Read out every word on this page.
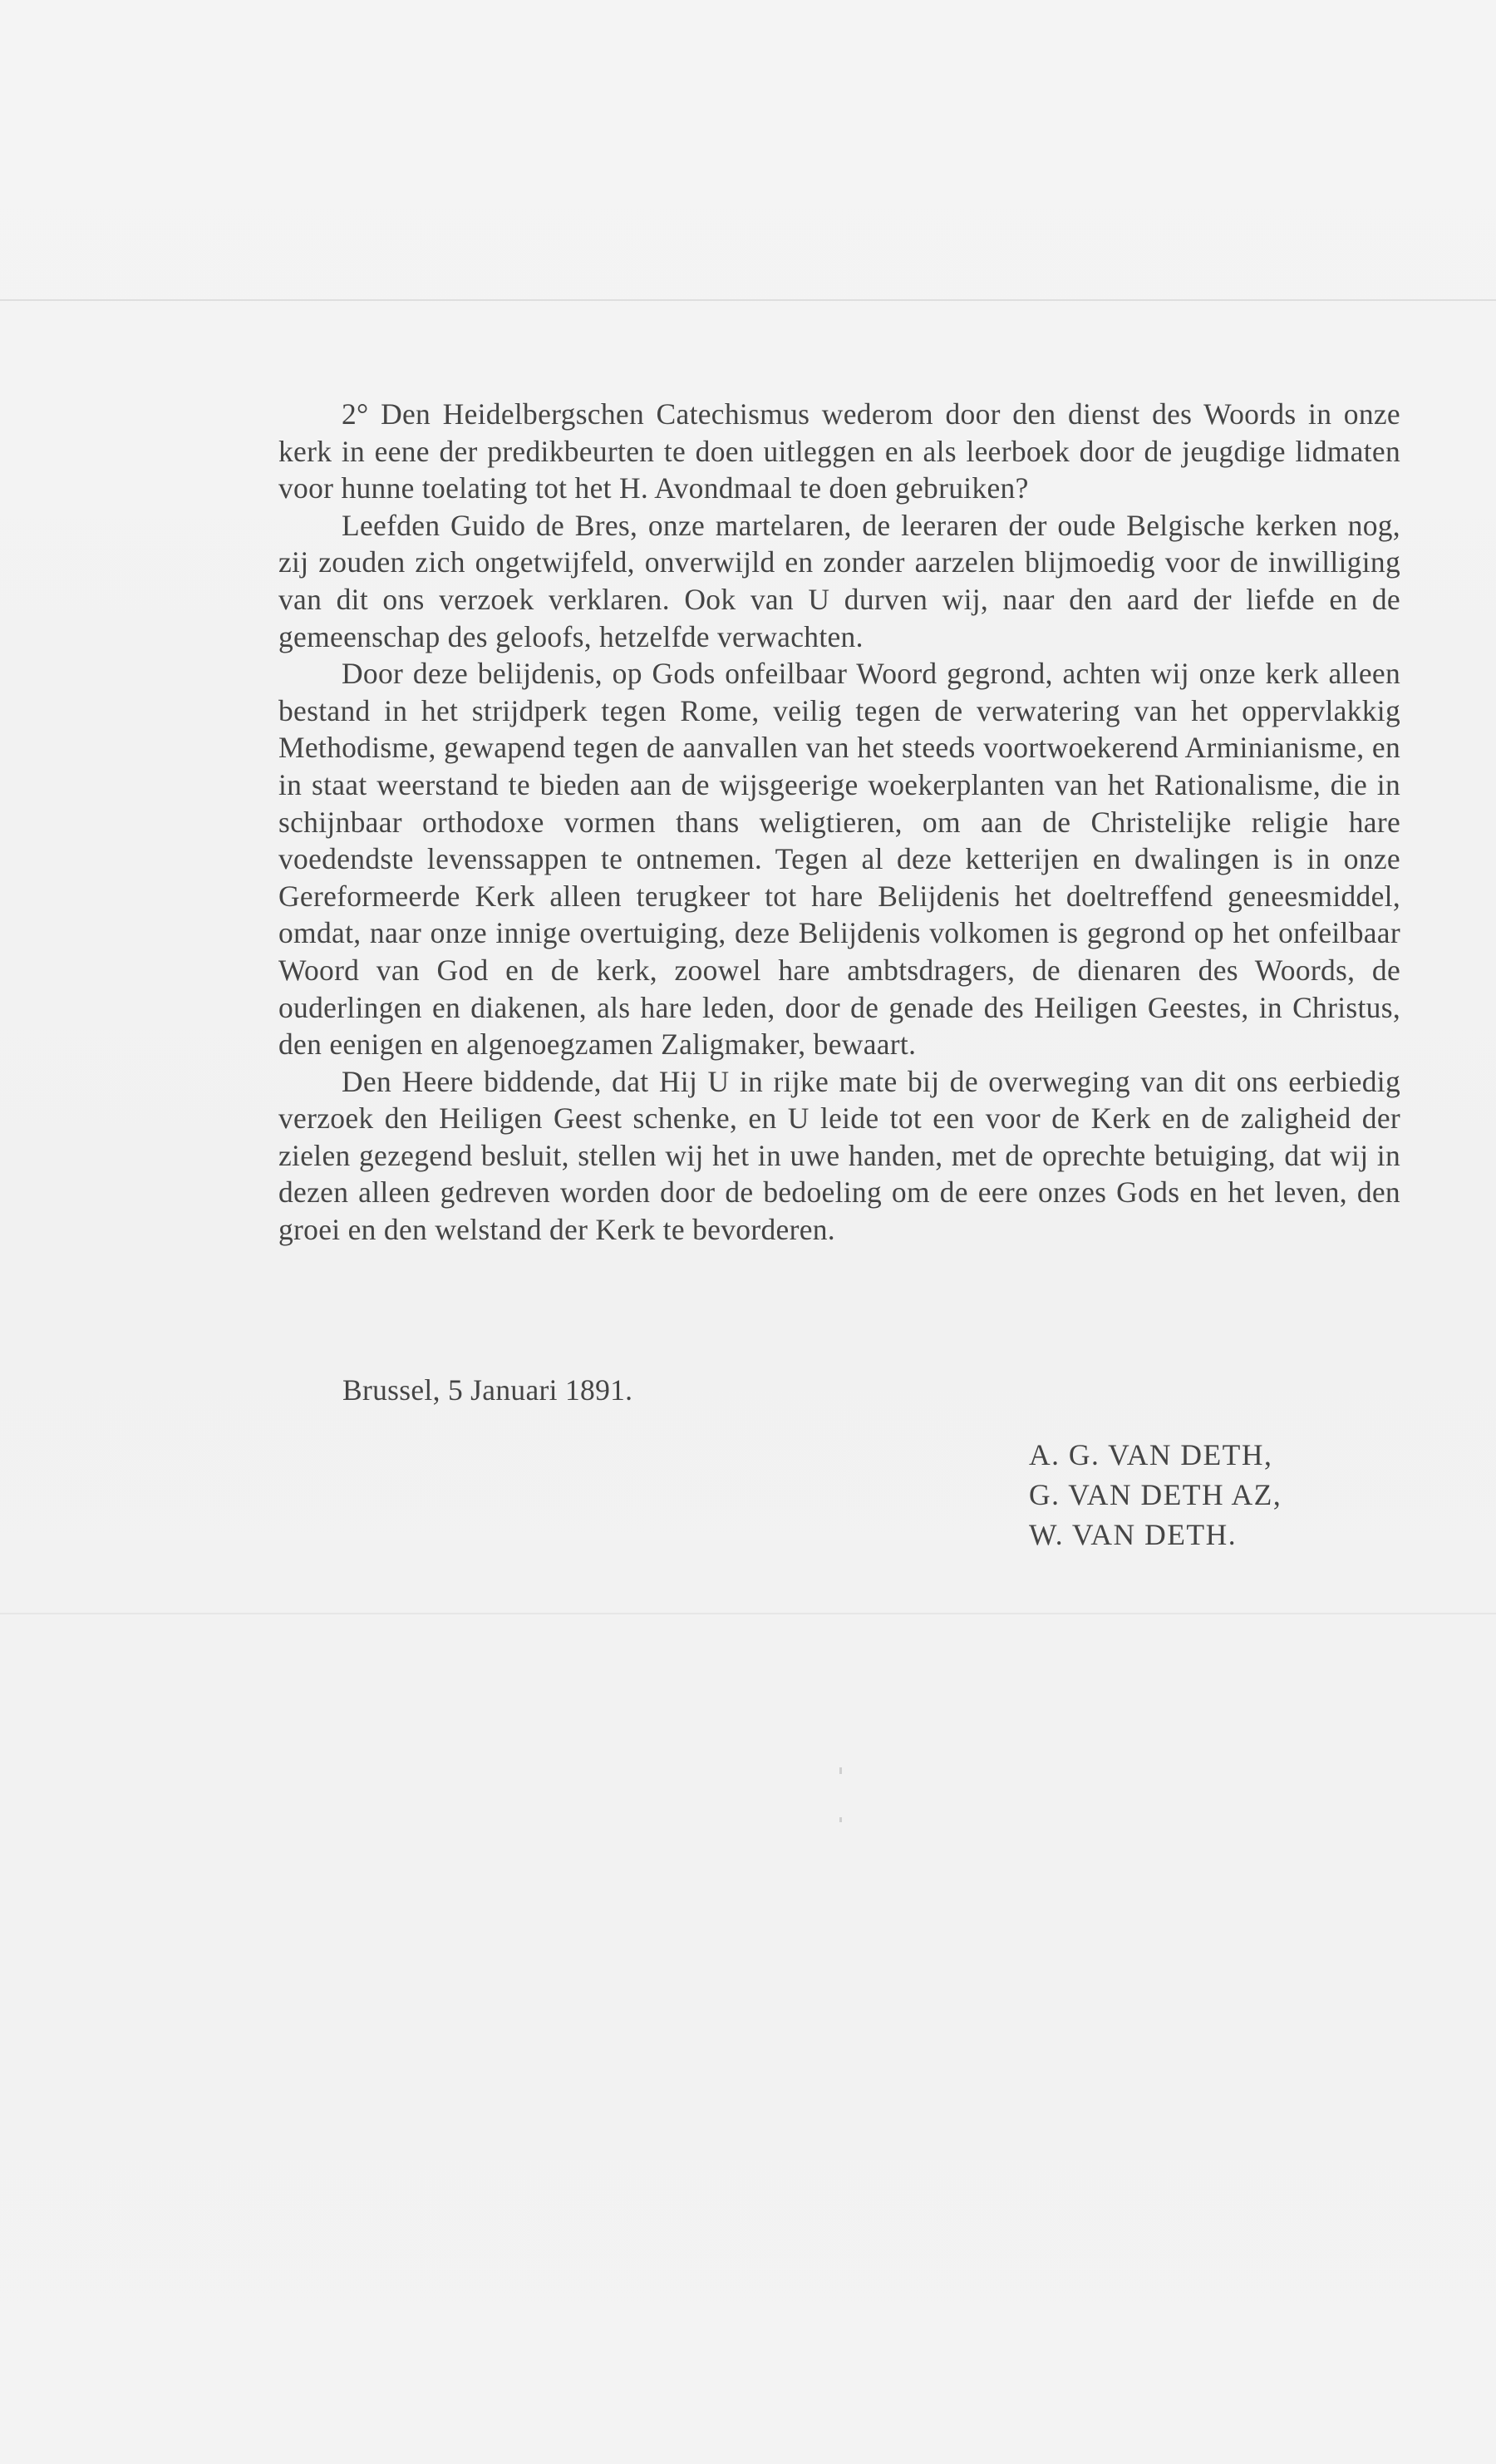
2° Den Heidelbergschen Catechismus wederom door den dienst des Woords in onze kerk in eene der predikbeurten te doen uitleggen en als leerboek door de jeugdige lidmaten voor hunne toelating tot het H. Avondmaal te doen gebruiken?

Leefden Guido de Bres, onze martelaren, de leeraren der oude Belgische kerken nog, zij zouden zich ongetwijfeld, onverwijld en zonder aarzelen blijmoedig voor de inwilliging van dit ons verzoek verklaren. Ook van U durven wij, naar den aard der liefde en de gemeenschap des geloofs, hetzelfde verwachten.

Door deze belijdenis, op Gods onfeilbaar Woord gegrond, achten wij onze kerk alleen bestand in het strijdperk tegen Rome, veilig tegen de verwatering van het oppervlakkig Methodisme, gewapend tegen de aanvallen van het steeds voortwoekerend Arminianisme, en in staat weerstand te bieden aan de wijsgeerige woekerplanten van het Rationalisme, die in schijnbaar orthodoxe vormen thans weligtieren, om aan de Christelijke religie hare voedendste levenssappen te ontnemen. Tegen al deze ketterijen en dwalingen is in onze Gereformeerde Kerk alleen terugkeer tot hare Belijdenis het doeltreffend geneesmiddel, omdat, naar onze innige overtuiging, deze Belijdenis volkomen is gegrond op het onfeilbaar Woord van God en de kerk, zoowel hare ambtsdragers, de dienaren des Woords, de ouderlingen en diakenen, als hare leden, door de genade des Heiligen Geestes, in Christus, den eenigen en algenoegzamen Zaligmaker, bewaart.

Den Heere biddende, dat Hij U in rijke mate bij de overweging van dit ons eerbiedig verzoek den Heiligen Geest schenke, en U leide tot een voor de Kerk en de zaligheid der zielen gezegend besluit, stellen wij het in uwe handen, met de oprechte betuiging, dat wij in dezen alleen gedreven worden door de bedoeling om de eere onzes Gods en het leven, den groei en den welstand der Kerk te bevorderen.

Brussel, 5 Januari 1891.
A. G. VAN DETH,
G. VAN DETH AZ,
W. VAN DETH.
